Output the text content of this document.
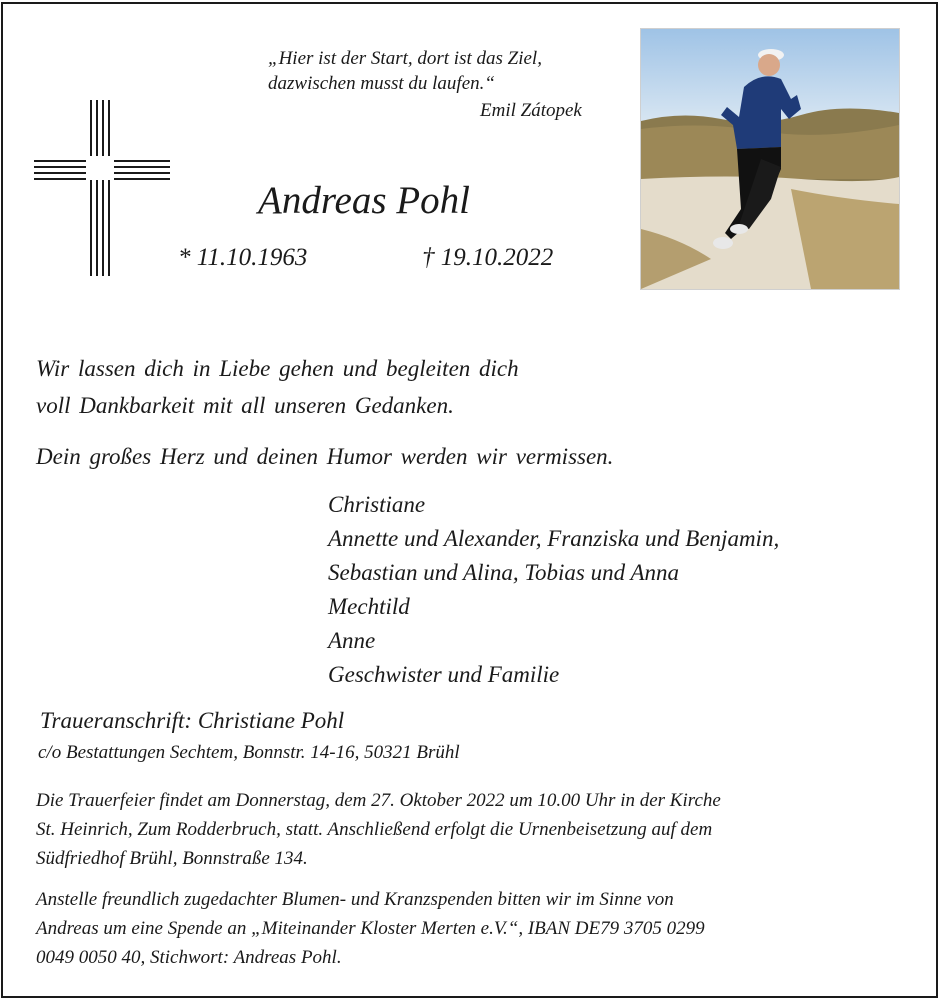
„Hier ist der Start, dort ist das Ziel,
dazwischen musst du laufen.“
Emil Zátopek
Andreas Pohl
* 11.10.1963	† 19.10.2022
Wir lassen dich in Liebe gehen und begleiten dich
voll Dankbarkeit mit all unseren Gedanken.
Dein großes Herz und deinen Humor werden wir vermissen.
Christiane
Annette und Alexander, Franziska und Benjamin,
Sebastian und Alina, Tobias und Anna
Mechtild
Anne
Geschwister und Familie
Traueranschrift: Christiane Pohl
c/o Bestattungen Sechtem, Bonnstr. 14-16, 50321 Brühl
Die Trauerfeier findet am Donnerstag, dem 27. Oktober 2022 um 10.00 Uhr in der Kirche
St. Heinrich, Zum Rodderbruch, statt. Anschließend erfolgt die Urnenbeisetzung auf dem
Südfriedhof Brühl, Bonnstraße 134.
Anstelle freundlich zugedachter Blumen- und Kranzspenden bitten wir im Sinne von
Andreas um eine Spende an „Miteinander Kloster Merten e.V.“, IBAN DE79 3705 0299
0049 0050 40, Stichwort: Andreas Pohl.
